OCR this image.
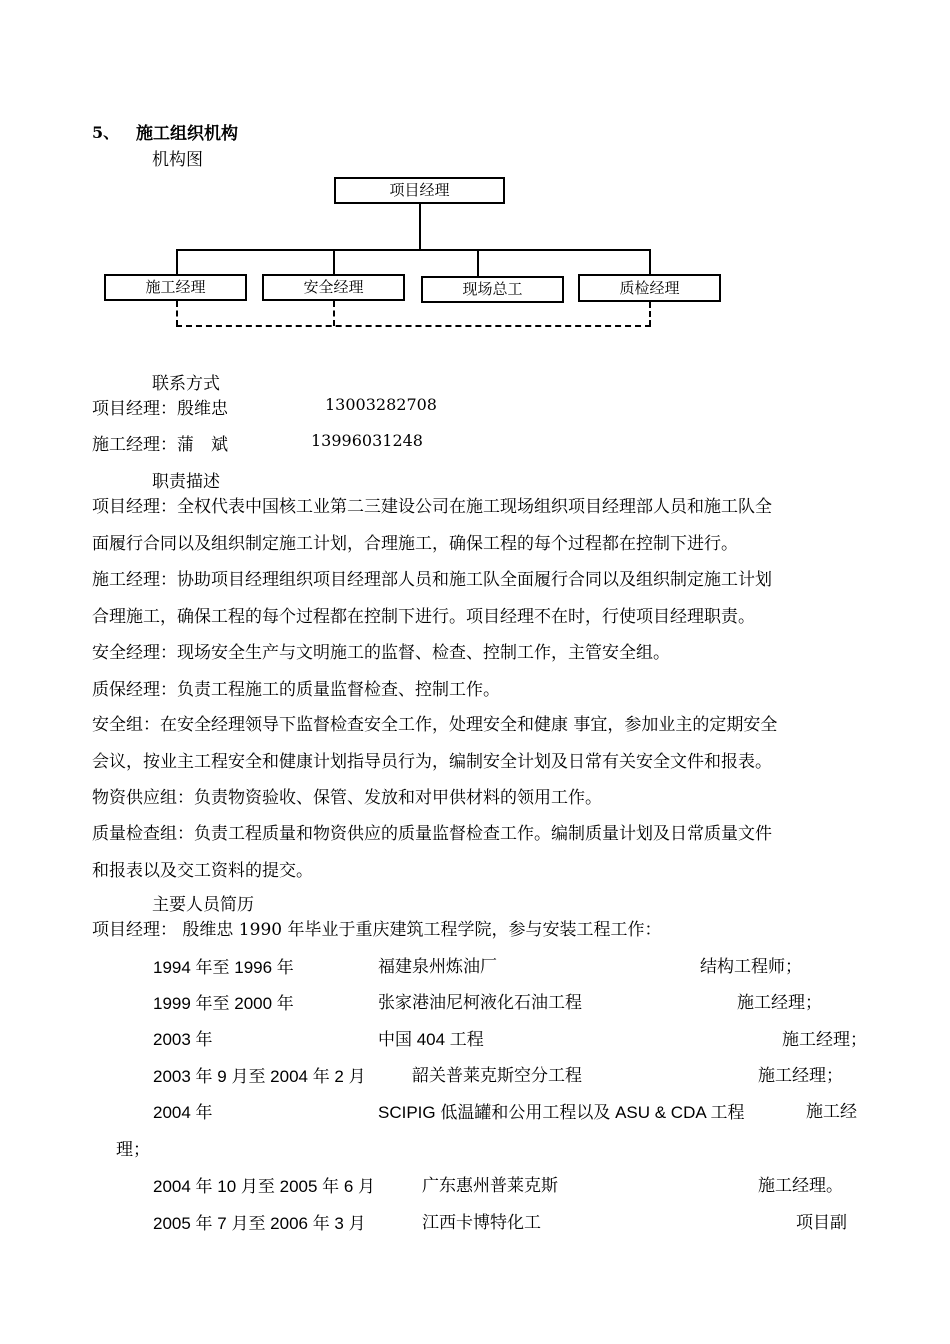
5、 施工组织机构
机构图
项目经理
施工经理	安全经理	现场总工	质检经理
联系方式
项目经理：殷维忠	13003282708
施工经理：蒲　斌	13996031248
职责描述
项目经理：全权代表中国核工业第二三建设公司在施工现场组织项目经理部人员和施工队全
面履行合同以及组织制定施工计划，合理施工，确保工程的每个过程都在控制下进行。
施工经理：协助项目经理组织项目经理部人员和施工队全面履行合同以及组织制定施工计划
合理施工，确保工程的每个过程都在控制下进行。项目经理不在时，行使项目经理职责。
安全经理：现场安全生产与文明施工的监督、检查、控制工作，主管安全组。
质保经理：负责工程施工的质量监督检查、控制工作。
安全组：在安全经理领导下监督检查安全工作，处理安全和健康 事宜，参加业主的定期安全
会议，按业主工程安全和健康计划指导员行为，编制安全计划及日常有关安全文件和报表。
物资供应组：负责物资验收、保管、发放和对甲供材料的领用工作。
质量检查组：负责工程质量和物资供应的质量监督检查工作。编制质量计划及日常质量文件
和报表以及交工资料的提交。
主要人员简历
项目经理： 殷维忠 1990 年毕业于重庆建筑工程学院，参与安装工程工作：
1994 年至 1996 年	福建泉州炼油厂	结构工程师；
1999 年至 2000 年	张家港油尼柯液化石油工程	施工经理；
2003 年	中国 404 工程	施工经理；
2003 年 9 月至 2004 年 2 月	韶关普莱克斯空分工程	施工经理；
2004 年	SCIPIG 低温罐和公用工程以及 ASU & CDA 工程	施工经
理；
2004 年 10 月至 2005 年 6 月	广东惠州普莱克斯	施工经理。
2005 年 7 月至 2006 年 3 月	江西卡博特化工	项目副
